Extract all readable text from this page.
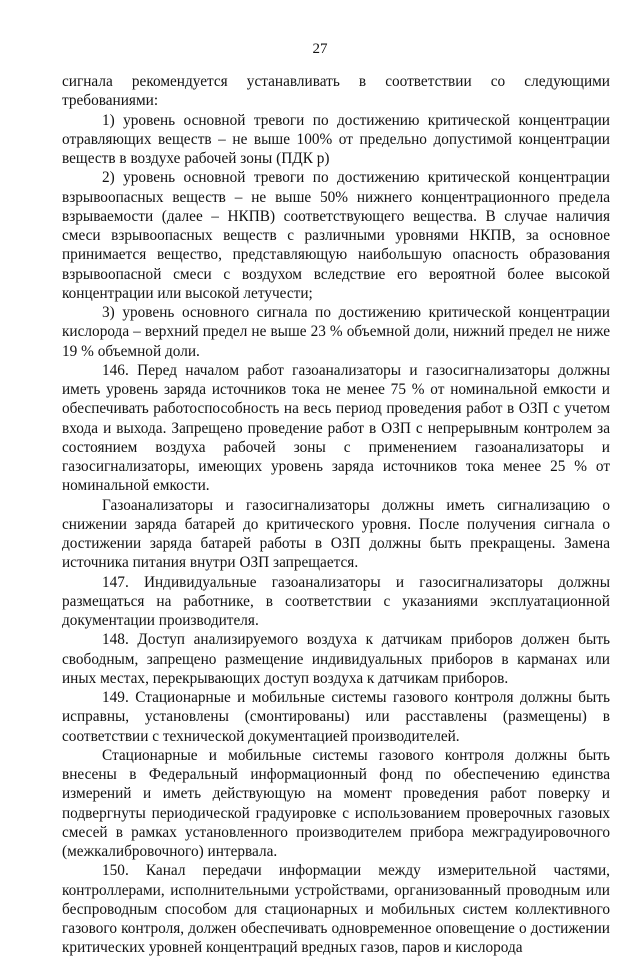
27

сигнала рекомендуется устанавливать в соответствии со следующими требованиями:

1) уровень основной тревоги по достижению критической концентрации отравляющих веществ – не выше 100% от предельно допустимой концентрации веществ в воздухе рабочей зоны (ПДК р)

2) уровень основной тревоги по достижению критической концентрации взрывоопасных веществ – не выше 50% нижнего концентрационного предела взрываемости (далее – НКПВ) соответствующего вещества. В случае наличия смеси взрывоопасных веществ с различными уровнями НКПВ, за основное принимается вещество, представляющую наибольшую опасность образования взрывоопасной смеси с воздухом вследствие его вероятной более высокой концентрации или высокой летучести;

3) уровень основного сигнала по достижению критической концентрации кислорода – верхний предел не выше 23 % объемной доли, нижний предел не ниже 19 % объемной доли.

146. Перед началом работ газоанализаторы и газосигнализаторы должны иметь уровень заряда источников тока не менее 75 % от номинальной емкости и обеспечивать работоспособность на весь период проведения работ в ОЗП с учетом входа и выхода. Запрещено проведение работ в ОЗП с непрерывным контролем за состоянием воздуха рабочей зоны с применением газоанализаторы и газосигнализаторы, имеющих уровень заряда источников тока менее 25 % от номинальной емкости.

Газоанализаторы и газосигнализаторы должны иметь сигнализацию о снижении заряда батарей до критического уровня. После получения сигнала о достижении заряда батарей работы в ОЗП должны быть прекращены. Замена источника питания внутри ОЗП запрещается.

147. Индивидуальные газоанализаторы и газосигнализаторы должны размещаться на работнике, в соответствии с указаниями эксплуатационной документации производителя.

148. Доступ анализируемого воздуха к датчикам приборов должен быть свободным, запрещено размещение индивидуальных приборов в карманах или иных местах, перекрывающих доступ воздуха к датчикам приборов.

149. Стационарные и мобильные системы газового контроля должны быть исправны, установлены (смонтированы) или расставлены (размещены) в соответствии с технической документацией производителей.

Стационарные и мобильные системы газового контроля должны быть внесены в Федеральный информационный фонд по обеспечению единства измерений и иметь действующую на момент проведения работ поверку и подвергнуты периодической градуировке с использованием проверочных газовых смесей в рамках установленного производителем прибора межградуировочного (межкалибровочного) интервала.

150. Канал передачи информации между измерительной частями, контроллерами, исполнительными устройствами, организованный проводным или беспроводным способом для стационарных и мобильных систем коллективного газового контроля, должен обеспечивать одновременное оповещение о достижении критических уровней концентраций вредных газов, паров и кислорода
